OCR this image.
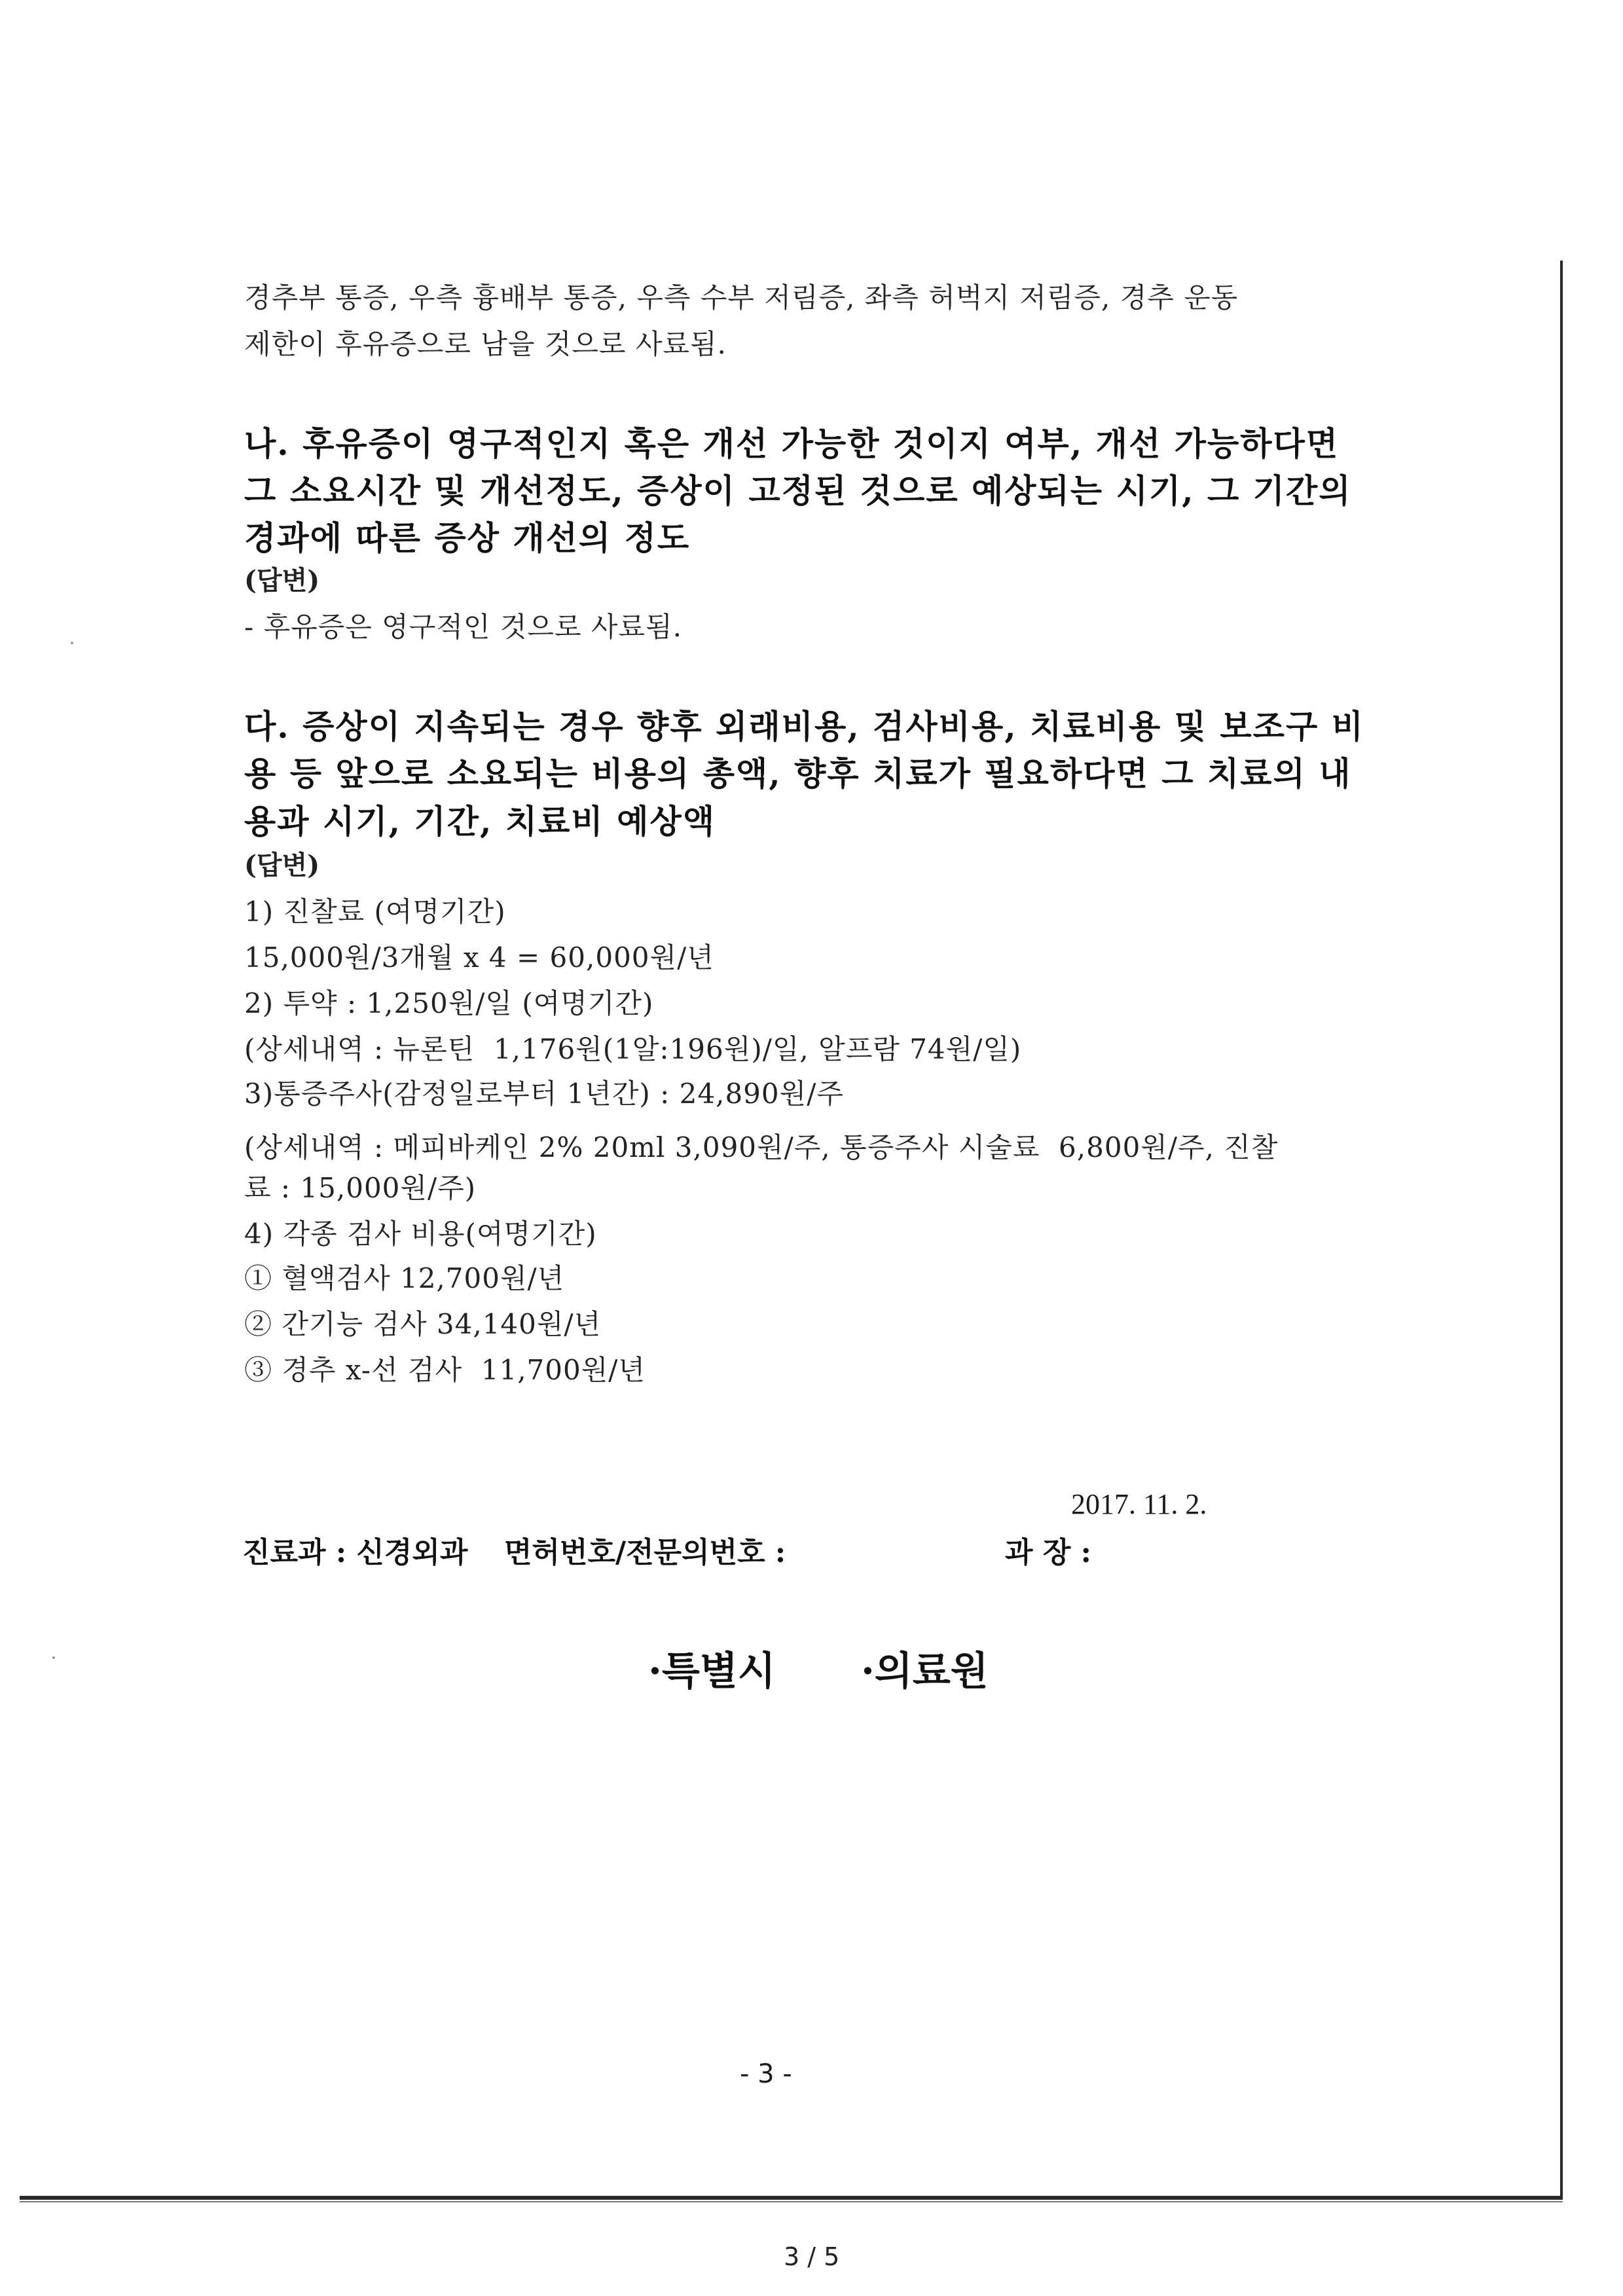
경추부 통증, 우측 흉배부 통증, 우측 수부 저림증, 좌측 허벅지 저림증, 경추 운동
제한이 후유증으로 남을 것으로 사료됨.
나. 후유증이 영구적인지 혹은 개선 가능한 것이지 여부, 개선 가능하다면
그 소요시간 및 개선정도, 증상이 고정된 것으로 예상되는 시기, 그 기간의
경과에 따른 증상 개선의 정도
(답변)
- 후유증은 영구적인 것으로 사료됨.
다. 증상이 지속되는 경우 향후 외래비용, 검사비용, 치료비용 및 보조구 비
용 등 앞으로 소요되는 비용의 총액, 향후 치료가 필요하다면 그 치료의 내
용과 시기, 기간, 치료비 예상액
(답변)
1) 진찰료 (여명기간)
15,000원/3개월 x 4 = 60,000원/년
2) 투약 : 1,250원/일 (여명기간)
(상세내역 : 뉴론틴  1,176원(1알:196원)/일, 알프람 74원/일)
3)통증주사(감정일로부터 1년간) : 24,890원/주
(상세내역 : 메피바케인 2% 20ml 3,090원/주, 통증주사 시술료  6,800원/주, 진찰
료 : 15,000원/주)
4) 각종 검사 비용(여명기간)
① 혈액검사 12,700원/년
② 간기능 검사 34,140원/년
③ 경추 x-선 검사  11,700원/년
2017. 11. 2.
진료과 : 신경외과 면허번호/전문의번호 :	과 장 :
·특별시 ·의료원
- 3 -
3 / 5
